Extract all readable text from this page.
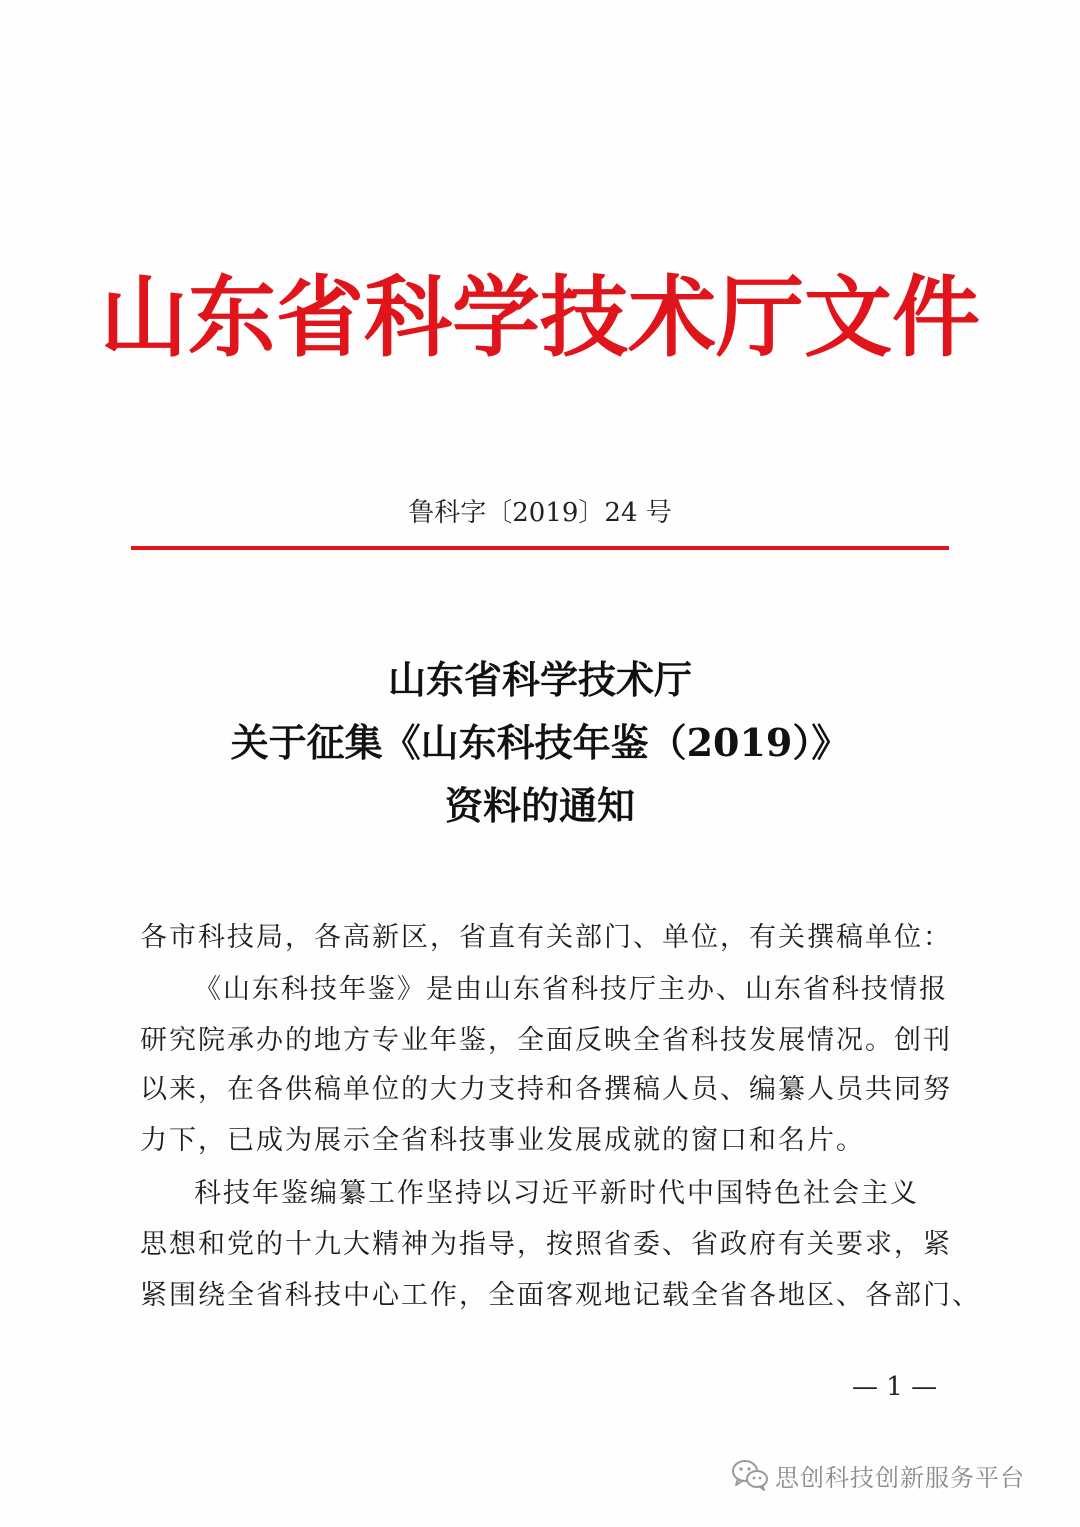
山东省科学技术厅文件
鲁科字〔2019〕24 号
山东省科学技术厅
关于征集《山东科技年鉴（2019）》
资料的通知
各市科技局，各高新区，省直有关部门、单位，有关撰稿单位：
《山东科技年鉴》是由山东省科技厅主办、山东省科技情报
研究院承办的地方专业年鉴，全面反映全省科技发展情况。创刊
以来，在各供稿单位的大力支持和各撰稿人员、编纂人员共同努
力下，已成为展示全省科技事业发展成就的窗口和名片。
科技年鉴编纂工作坚持以习近平新时代中国特色社会主义
思想和党的十九大精神为指导，按照省委、省政府有关要求，紧
紧围绕全省科技中心工作，全面客观地记载全省各地区、各部门、
— 1 —
思创科技创新服务平台
